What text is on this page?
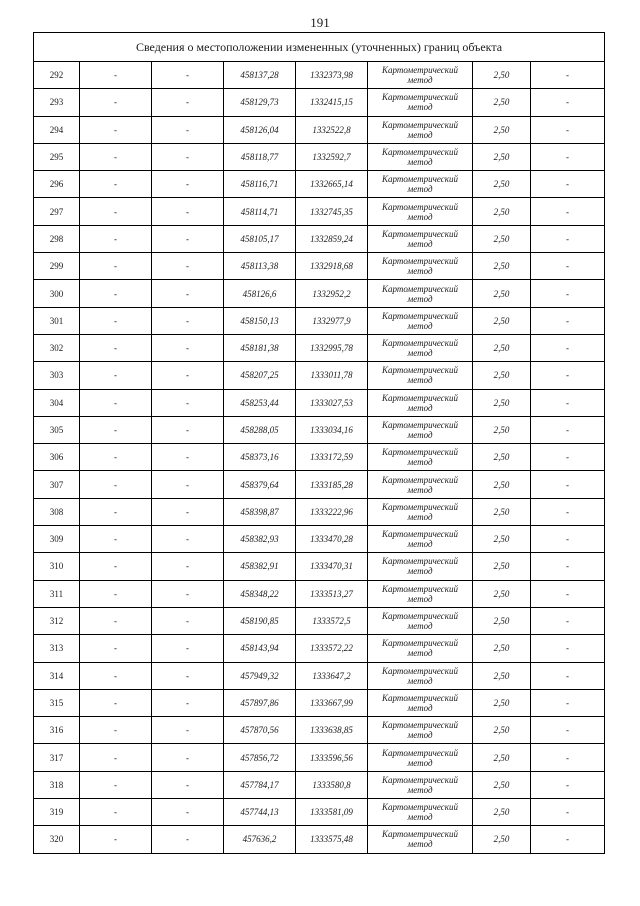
191
Сведения о местоположении измененных (уточненных) границ объекта							
292	-	-	458137,28	1332373,98	Картометрический
метод	2,50	-
293	-	-	458129,73	1332415,15	Картометрический
метод	2,50	-
294	-	-	458126,04	1332522,8	Картометрический
метод	2,50	-
295	-	-	458118,77	1332592,7	Картометрический
метод	2,50	-
296	-	-	458116,71	1332665,14	Картометрический
метод	2,50	-
297	-	-	458114,71	1332745,35	Картометрический
метод	2,50	-
298	-	-	458105,17	1332859,24	Картометрический
метод	2,50	-
299	-	-	458113,38	1332918,68	Картометрический
метод	2,50	-
300	-	-	458126,6	1332952,2	Картометрический
метод	2,50	-
301	-	-	458150,13	1332977,9	Картометрический
метод	2,50	-
302	-	-	458181,38	1332995,78	Картометрический
метод	2,50	-
303	-	-	458207,25	1333011,78	Картометрический
метод	2,50	-
304	-	-	458253,44	1333027,53	Картометрический
метод	2,50	-
305	-	-	458288,05	1333034,16	Картометрический
метод	2,50	-
306	-	-	458373,16	1333172,59	Картометрический
метод	2,50	-
307	-	-	458379,64	1333185,28	Картометрический
метод	2,50	-
308	-	-	458398,87	1333222,96	Картометрический
метод	2,50	-
309	-	-	458382,93	1333470,28	Картометрический
метод	2,50	-
310	-	-	458382,91	1333470,31	Картометрический
метод	2,50	-
311	-	-	458348,22	1333513,27	Картометрический
метод	2,50	-
312	-	-	458190,85	1333572,5	Картометрический
метод	2,50	-
313	-	-	458143,94	1333572,22	Картометрический
метод	2,50	-
314	-	-	457949,32	1333647,2	Картометрический
метод	2,50	-
315	-	-	457897,86	1333667,99	Картометрический
метод	2,50	-
316	-	-	457870,56	1333638,85	Картометрический
метод	2,50	-
317	-	-	457856,72	1333596,56	Картометрический
метод	2,50	-
318	-	-	457784,17	1333580,8	Картометрический
метод	2,50	-
319	-	-	457744,13	1333581,09	Картометрический
метод	2,50	-
320	-	-	457636,2	1333575,48	Картометрический
метод	2,50	-
